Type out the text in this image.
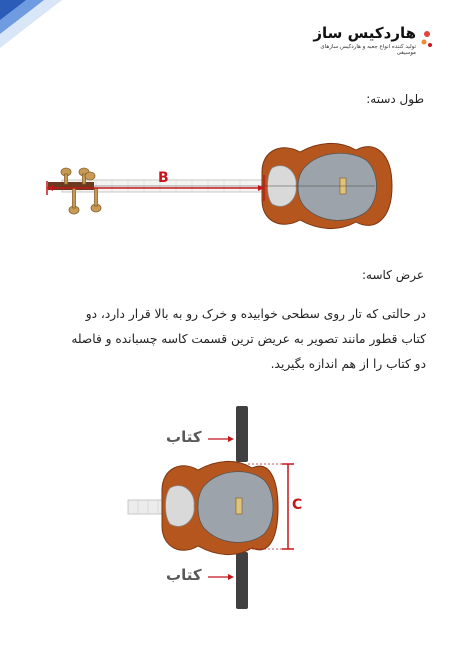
هاردکیس ساز
تولید کننده انواع جعبه و هاردکیس سازهای موسیقی
طول دسته:
B
عرض کاسه:
در حالتی که تار روی سطحی خوابیده و خرک رو به بالا قرار دارد، دو
کتاب قطور مانند تصویر به عریض ترین قسمت کاسه چسبانده و فاصله
دو کتاب را از هم اندازه بگیرید.
کتاب
کتاب
C
